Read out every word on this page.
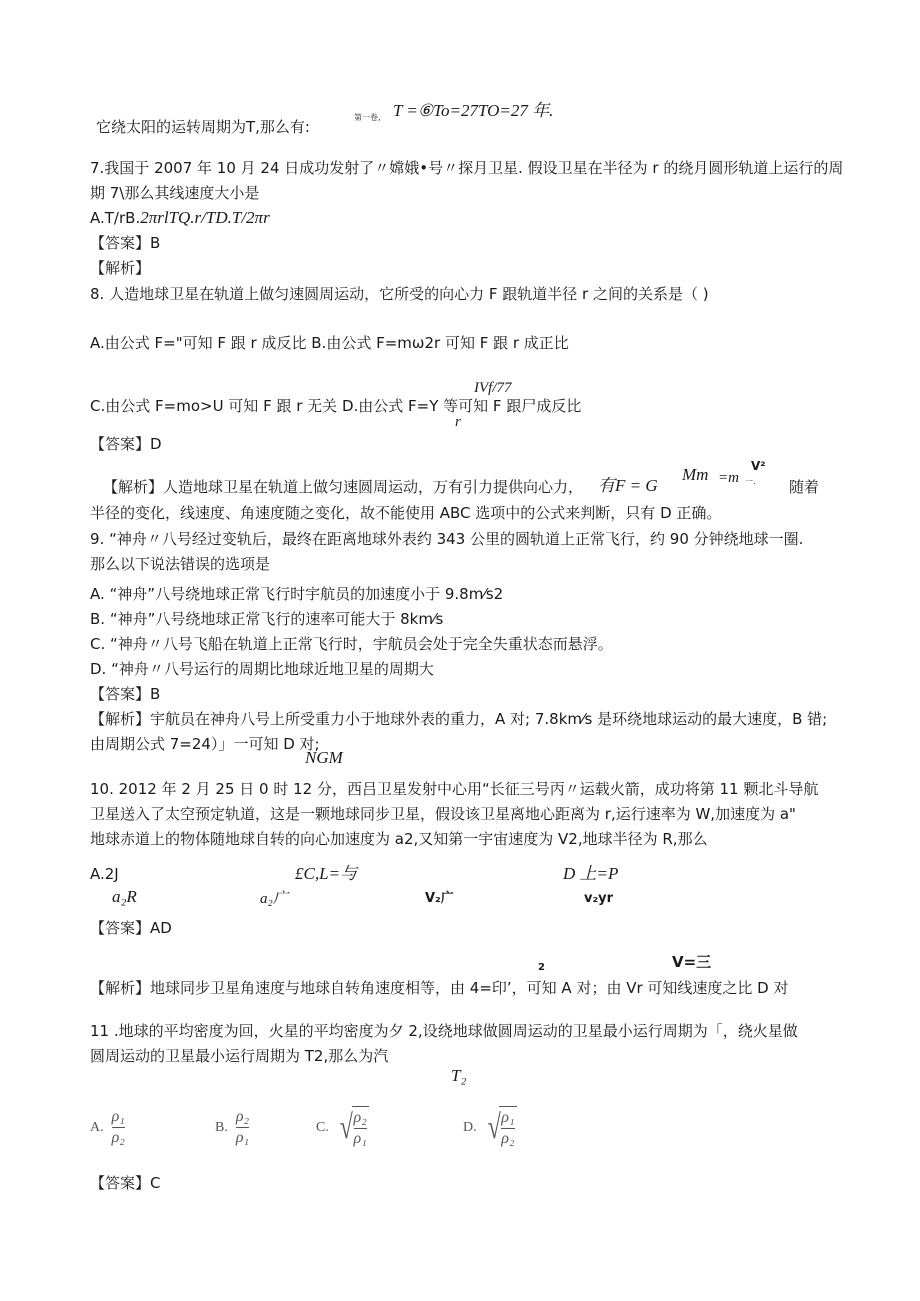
它绕太阳的运转周期为T,那么有:
第一卷, T =⑥To=27TO=27 年.
7.我国于 2007 年 10 月 24 日成功发射了〃嫦娥•号〃探月卫星. 假设卫星在半径为 r 的绕月圆形轨道上运行的周
期 7\那么其线速度大小是
A.T/rB.2πrlTQ.r/TD.T/2πr
【答案】B
【解析】
8. 人造地球卫星在轨道上做匀速圆周运动，它所受的向心力 F 跟轨道半径 r 之间的关系是（ )
A.由公式 F="可知 F 跟 r 成反比 B.由公式 F=mω2r 可知 F 跟 r 成正比
IVf/77
C.由公式 F=mo>U 可知 F 跟 r 无关 D.由公式 F=Y 等可知 F 跟尸成反比
r
【答案】D
【解析】人造地球卫星在轨道上做匀速圆周运动，万有引力提供向心力， 有F = G
Mm =m 一.
V²
随着
半径的变化，线速度、角速度随之变化，故不能使用 ABC 选项中的公式来判断，只有 D 正确。
9. “神舟〃八号经过变轨后，最终在距离地球外表约 343 公里的圆轨道上正常飞行，约 90 分钟绕地球一圈.
那么以下说法错误的选项是
A. “神舟”八号绕地球正常飞行时宇航员的加速度小于 9.8m⁄s2
B. “神舟”八号绕地球正常飞行的速率可能大于 8km⁄s
C. “神舟〃八号飞船在轨道上正常飞行时，宇航员会处于完全失重状态而悬浮。
D. “神舟〃八号运行的周期比地球近地卫星的周期大
【答案】B
【解析】宇航员在神舟八号上所受重力小于地球外表的重力，A 对; 7.8km⁄s 是环绕地球运动的最大速度，B 错;
由周期公式 7=24）」一可知 D 对;
NGM
10. 2012 年 2 月 25 日 0 时 12 分，西吕卫星发射中心用“长征三号丙〃运载火箭，成功将第 11 颗北斗导航
卫星送入了太空预定轨道，这是一颗地球同步卫星，假设该卫星离地心距离为 r,运行速率为 W,加速度为 a"
地球赤道上的物体随地球自转的向心加速度为 a2,又知第一宇宙速度为 V2,地球半径为 R,那么
A.2J
a₂R
£C,L=与
a₂广	V₂广
D 上=P
v₂yr
【答案】AD
2	V=三
【解析】地球同步卫星角速度与地球自转角速度相等，由 4=印’，可知 A 对；由 Vr 可知线速度之比 D 对
11 .地球的平均密度为回，火星的平均密度为夕 2,设绕地球做圆周运动的卫星最小运行周期为「，绕火星做
圆周运动的卫星最小运行周期为 T2,那么为汽
T₂
A.
ρ₁
ρ₂
B.
ρ₂
ρ₁
C. √ $\frac{\text{ρ₂}}{\text{ρ₁}}$	D. √ $\frac{\text{ρ₁}}{\text{ρ₂}}$
【答案】C
